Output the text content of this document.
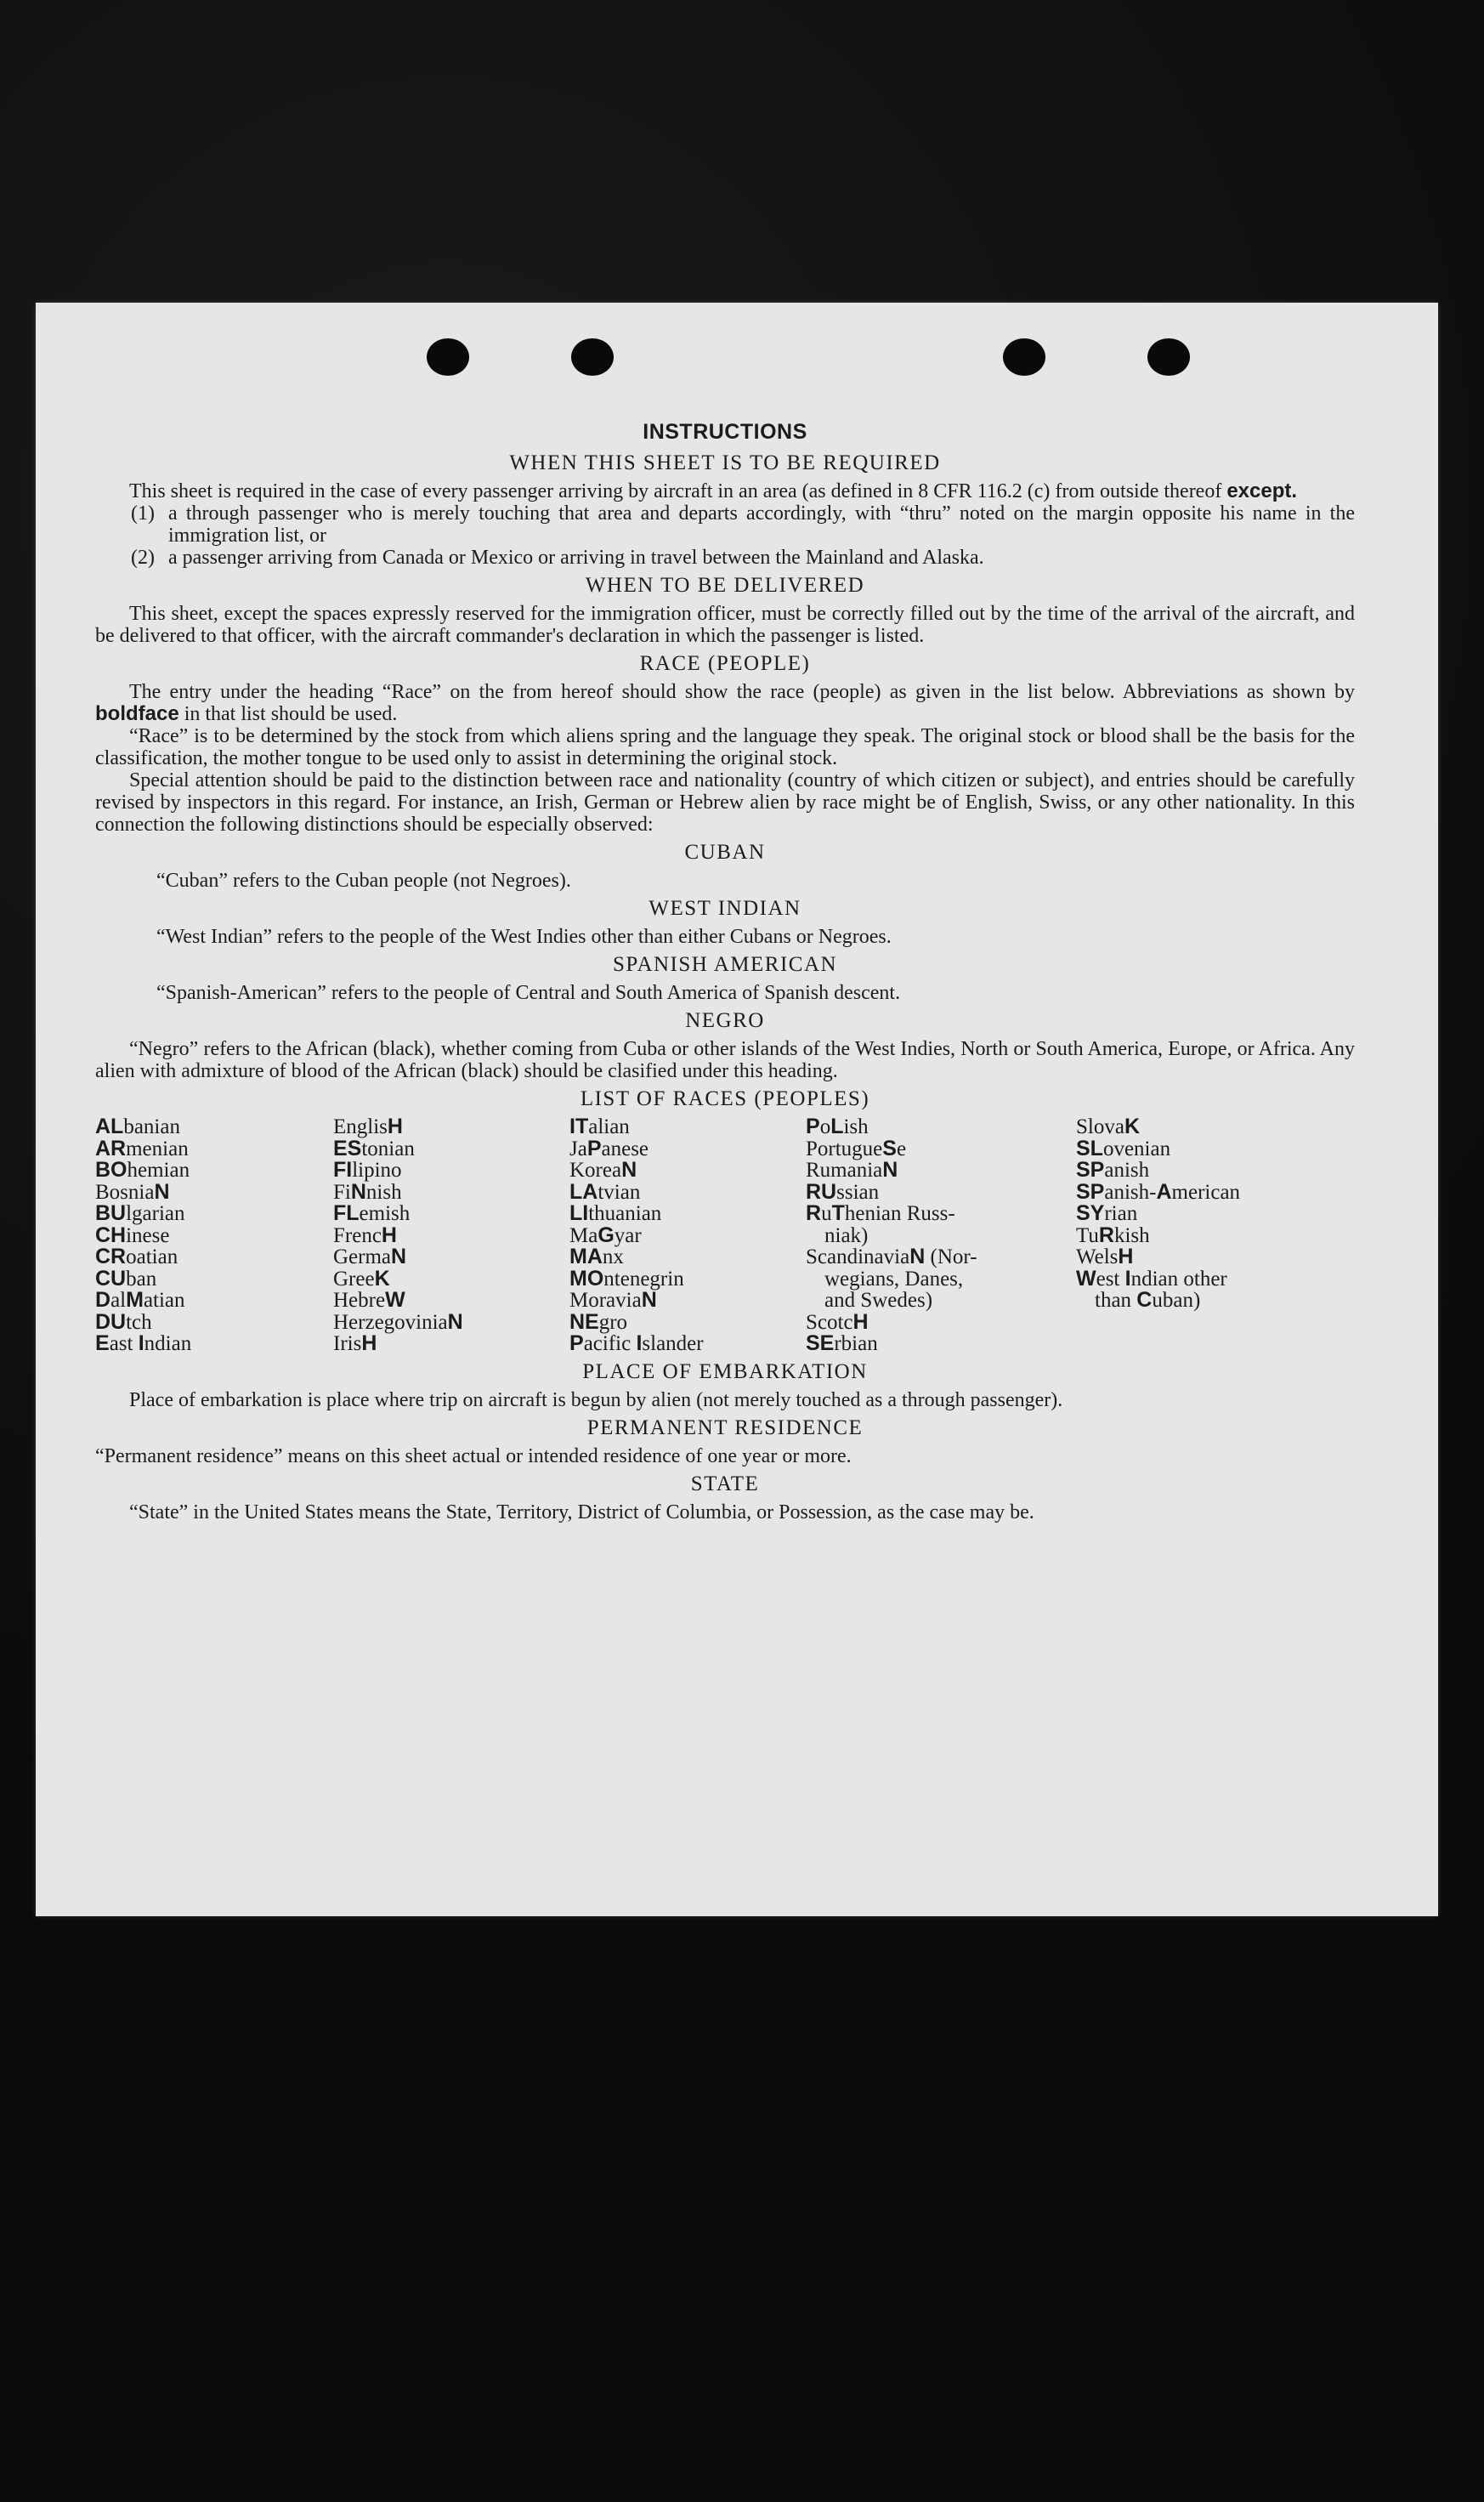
INSTRUCTIONS
WHEN THIS SHEET IS TO BE REQUIRED

This sheet is required in the case of every passenger arriving by aircraft in an area (as defined in 8 CFR 116.2 (c) from outside thereof except.

(1) a through passenger who is merely touching that area and departs accordingly, with “thru” noted on the margin opposite his name in the immigration list, or
(2) a passenger arriving from Canada or Mexico or arriving in travel between the Mainland and Alaska.
WHEN TO BE DELIVERED

This sheet, except the spaces expressly reserved for the immigration officer, must be correctly filled out by the time of the arrival of the aircraft, and be delivered to that officer, with the aircraft commander's declaration in which the passenger is listed.

RACE (PEOPLE)

The entry under the heading “Race” on the from hereof should show the race (people) as given in the list below. Abbreviations as shown by boldface in that list should be used.

“Race” is to be determined by the stock from which aliens spring and the language they speak. The original stock or blood shall be the basis for the classification, the mother tongue to be used only to assist in determining the original stock.

Special attention should be paid to the distinction between race and nationality (country of which citizen or subject), and entries should be carefully revised by inspectors in this regard. For instance, an Irish, German or Hebrew alien by race might be of English, Swiss, or any other nationality. In this connection the following distinctions should be especially observed:

CUBAN

“Cuban” refers to the Cuban people (not Negroes).

WEST INDIAN

“West Indian” refers to the people of the West Indies other than either Cubans or Negroes.

SPANISH AMERICAN

“Spanish-American” refers to the people of Central and South America of Spanish descent.

NEGRO

“Negro” refers to the African (black), whether coming from Cuba or other islands of the West Indies, North or South America, Europe, or Africa. Any alien with admixture of blood of the African (black) should be clasified under this heading.

LIST OF RACES (PEOPLES)
ALbanian
ARmenian
BOhemian
BosniaN
BUlgarian
CHinese
CRoatian
CUban
DalMatian
DUtch
East Indian
EnglisH
EStonian
FIlipino
FiNnish
FLemish
FrencH
GermaN
GreeK
HebreW
HerzegoviniaN
IrisH
ITalian
JaPanese
KoreaN
LAtvian
LIthuanian
MaGyar
MAnx
MOntenegrin
MoraviaN
NEgro
Pacific Islander
PoLish
PortugueSe
RumaniaN
RUssian
RuThenian Russ-
niak)
ScandinaviaN (Nor-
wegians, Danes,
and Swedes)
ScotcH
SErbian
SlovaK
SLovenian
SPanish
SPanish-American
SYrian
TuRkish
WelsH
West Indian other
than Cuban)
PLACE OF EMBARKATION

Place of embarkation is place where trip on aircraft is begun by alien (not merely touched as a through passenger).

PERMANENT RESIDENCE

“Permanent residence” means on this sheet actual or intended residence of one year or more.

STATE

“State” in the United States means the State, Territory, District of Columbia, or Possession, as the case may be.
